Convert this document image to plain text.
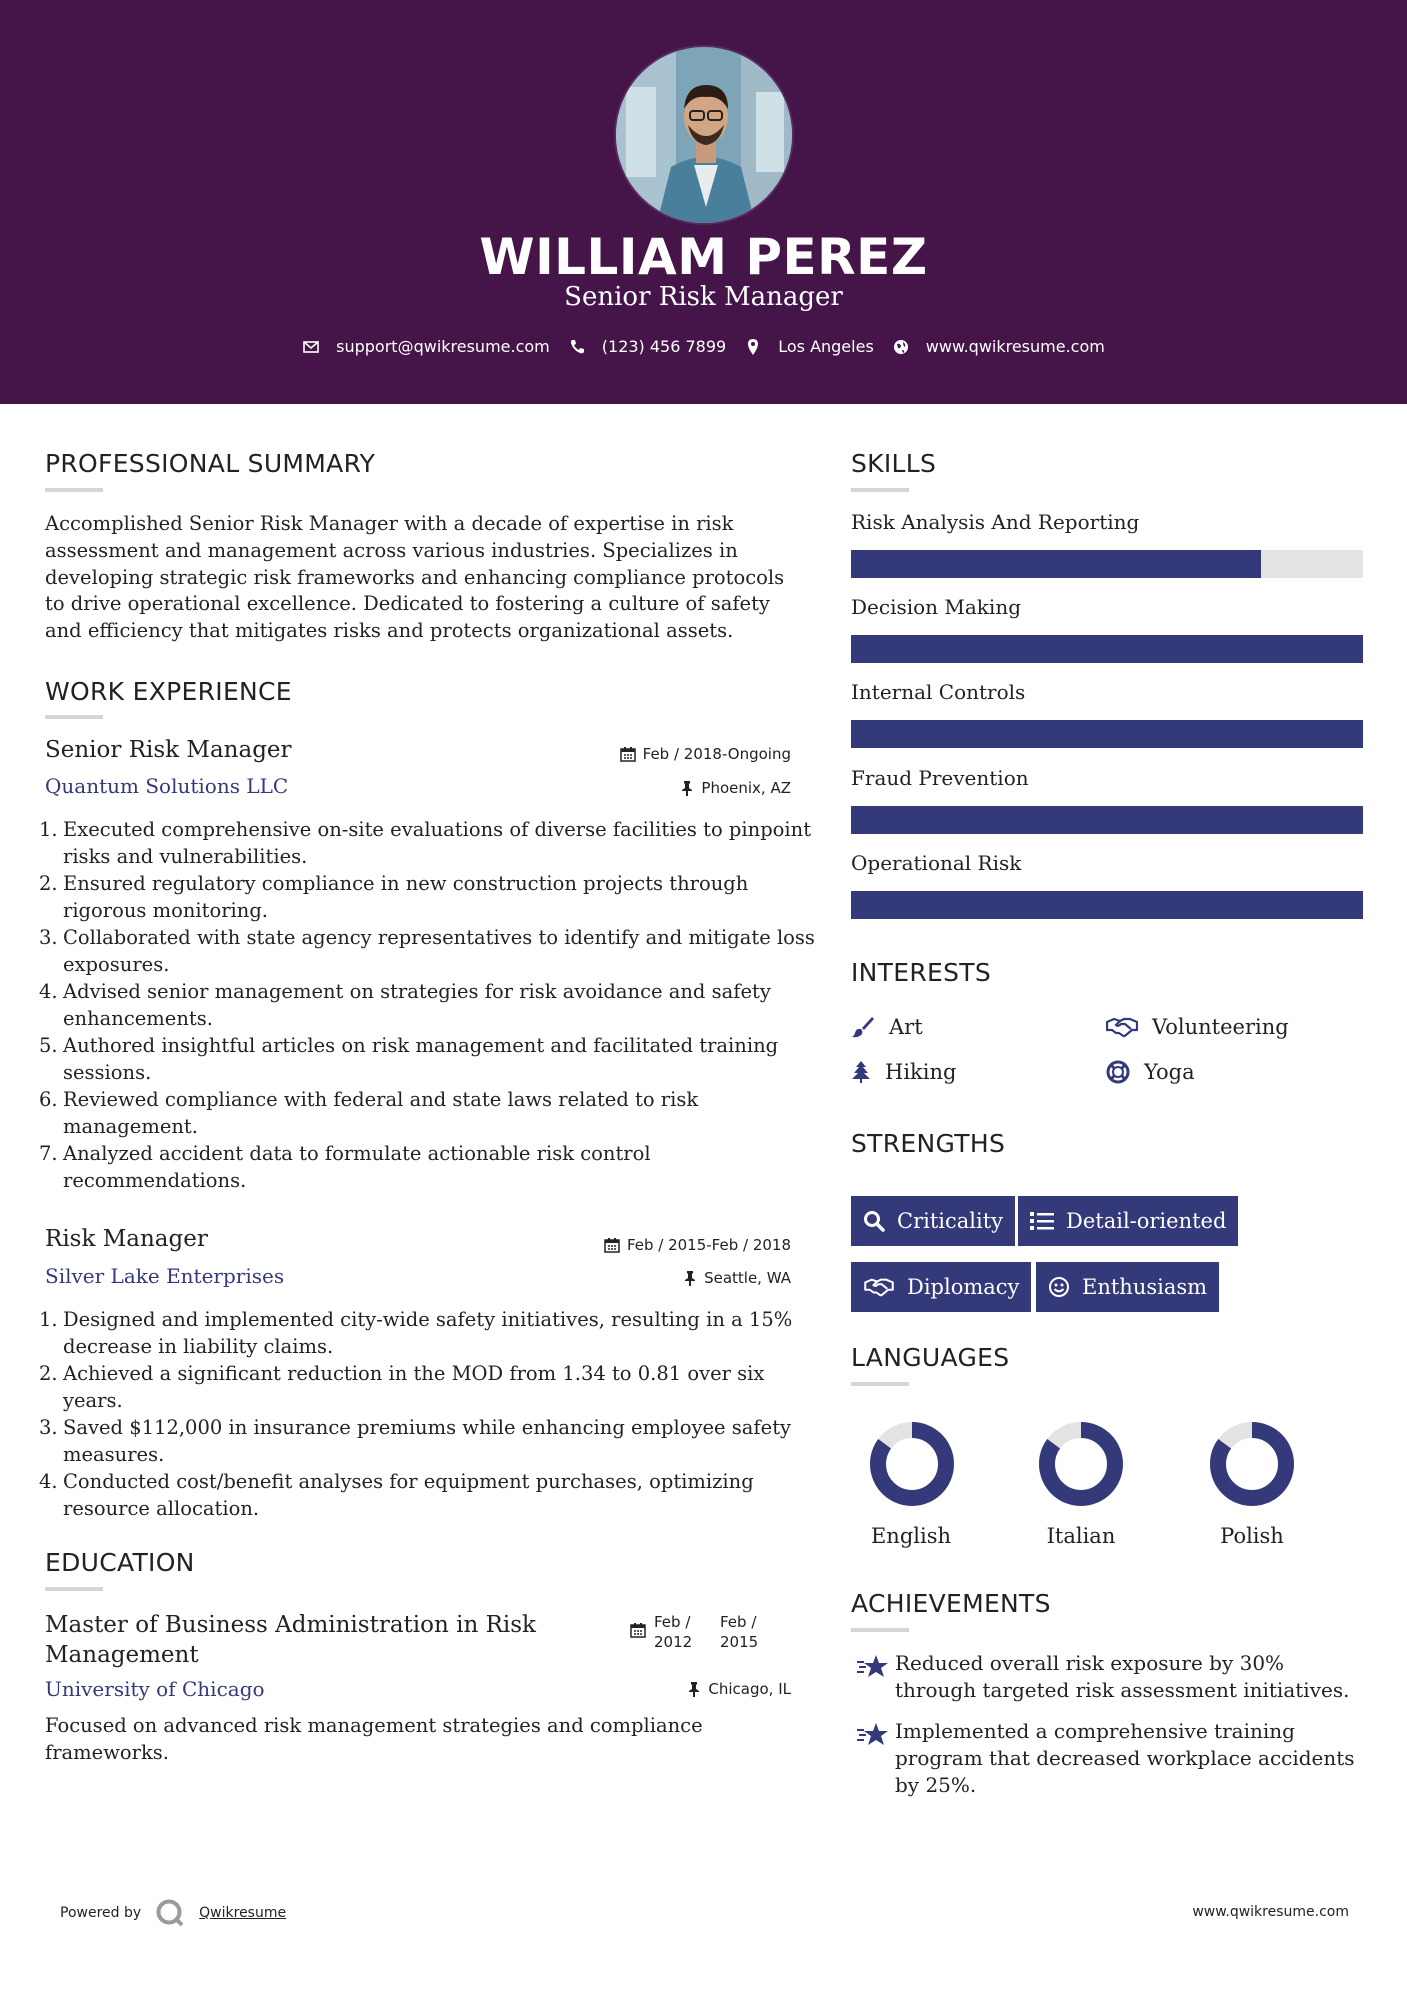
WILLIAM PEREZ
Senior Risk Manager
support@qwikresume.com	(123) 456 7899	Los Angeles	www.qwikresume.com
PROFESSIONAL SUMMARY
Accomplished Senior Risk Manager with a decade of expertise in risk assessment and management across various industries. Specializes in developing strategic risk frameworks and enhancing compliance protocols to drive operational excellence. Dedicated to fostering a culture of safety and efficiency that mitigates risks and protects organizational assets.
WORK EXPERIENCE
Senior Risk Manager	Feb / 2018-Ongoing
Quantum Solutions LLC	Phoenix, AZ
1. Executed comprehensive on-site evaluations of diverse facilities to pinpoint risks and vulnerabilities.
2. Ensured regulatory compliance in new construction projects through rigorous monitoring.
3. Collaborated with state agency representatives to identify and mitigate loss exposures.
4. Advised senior management on strategies for risk avoidance and safety enhancements.
5. Authored insightful articles on risk management and facilitated training sessions.
6. Reviewed compliance with federal and state laws related to risk management.
7. Analyzed accident data to formulate actionable risk control recommendations.
Risk Manager	Feb / 2015-Feb / 2018
Silver Lake Enterprises	Seattle, WA
1. Designed and implemented city-wide safety initiatives, resulting in a 15% decrease in liability claims.
2. Achieved a significant reduction in the MOD from 1.34 to 0.81 over six years.
3. Saved $112,000 in insurance premiums while enhancing employee safety measures.
4. Conducted cost/benefit analyses for equipment purchases, optimizing resource allocation.
EDUCATION
Master of Business Administration in Risk Management
Feb / 2012
Feb / 2015
University of Chicago	Chicago, IL
Focused on advanced risk management strategies and compliance frameworks.
SKILLS
Risk Analysis And Reporting
Decision Making
Internal Controls
Fraud Prevention
Operational Risk
INTERESTS
Art	Volunteering
Hiking	Yoga
STRENGTHS
Criticality	Detail-oriented
Diplomacy	Enthusiasm
LANGUAGES
English	Italian	Polish
ACHIEVEMENTS
Reduced overall risk exposure by 30% through targeted risk assessment initiatives.
Implemented a comprehensive training program that decreased workplace accidents by 25%.
Powered by	Qwikresume	www.qwikresume.com
